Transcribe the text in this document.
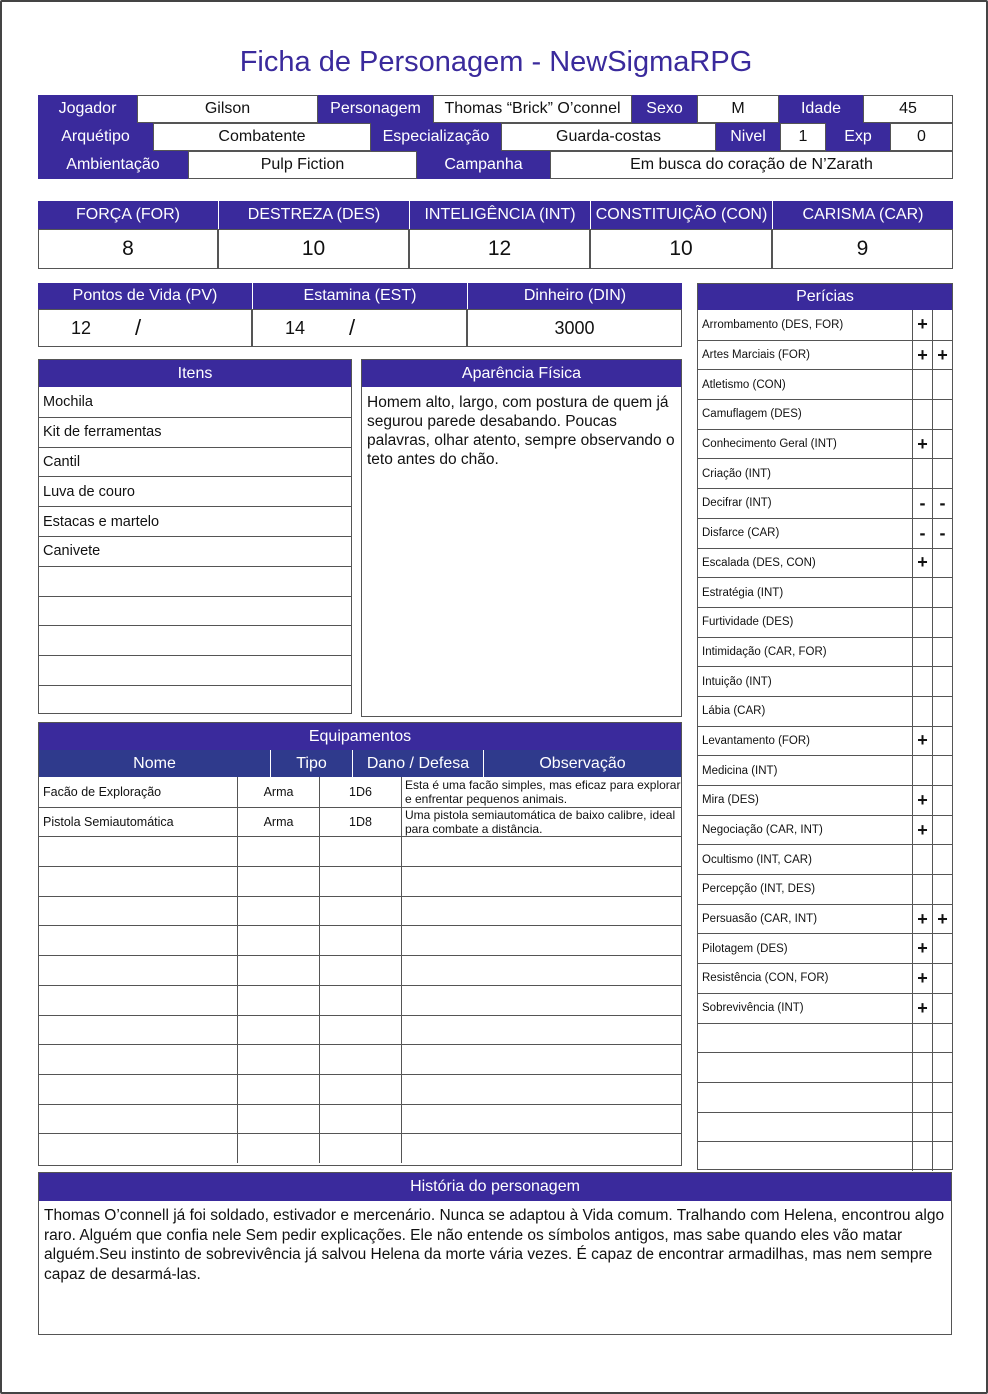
Ficha de Personagem - NewSigmaRPG
Jogador	Gilson	Personagem	Thomas “Brick” O’connel	Sexo	M	Idade	45
Arquétipo	Combatente	Especialização	Guarda-costas	Nivel	1	Exp	0
Ambientação	Pulp Fiction	Campanha	Em busca do coração de N’Zarath
FORÇA (FOR)	DESTREZA (DES)	INTELIGÊNCIA (INT)	CONSTITUIÇÃO (CON)	CARISMA (CAR)
8	10	12	10	9
Pontos de Vida (PV)	Estamina (EST)	Dinheiro (DIN)
12 /	14 /	3000
Itens
Mochila
Kit de ferramentas
Cantil
Luva de couro
Estacas e martelo
Canivete
Aparência Física
Homem alto, largo, com postura de quem já segurou parede desabando. Poucas palavras, olhar atento, sempre observando o teto antes do chão.
Equipamentos
Nome	Tipo	Dano / Defesa	Observação
Facão de Exploração	Arma	1D6	Esta é uma facão simples, mas eficaz para explorar e enfrentar pequenos animais.
Pistola Semiautomática	Arma	1D8	Uma pistola semiautomática de baixo calibre, ideal para combate a distância.
Perícias
Arrombamento (DES, FOR)	+
Artes Marciais (FOR)	+ +
Atletismo (CON)
Camuflagem (DES)
Conhecimento Geral (INT)	+
Criação (INT)
Decifrar (INT)	- -
Disfarce (CAR)	- -
Escalada (DES, CON)	+
Estratégia (INT)
Furtividade (DES)
Intimidação (CAR, FOR)
Intuição (INT)
Lábia (CAR)
Levantamento (FOR)	+
Medicina (INT)
Mira (DES)	+
Negociação (CAR, INT)	+
Ocultismo (INT, CAR)
Percepção (INT, DES)
Persuasão (CAR, INT)	+ +
Pilotagem (DES)	+
Resistência (CON, FOR)	+
Sobrevivência (INT)	+
História do personagem
Thomas O’connell já foi soldado, estivador e mercenário. Nunca se adaptou à Vida comum. Tralhando com Helena, encontrou algo raro. Alguém que confia nele Sem pedir explicações. Ele não entende os símbolos antigos, mas sabe quando eles vão matar alguém.Seu instinto de sobrevivência já salvou Helena da morte vária vezes. É capaz de encontrar armadilhas, mas nem sempre capaz de desarmá-las.
